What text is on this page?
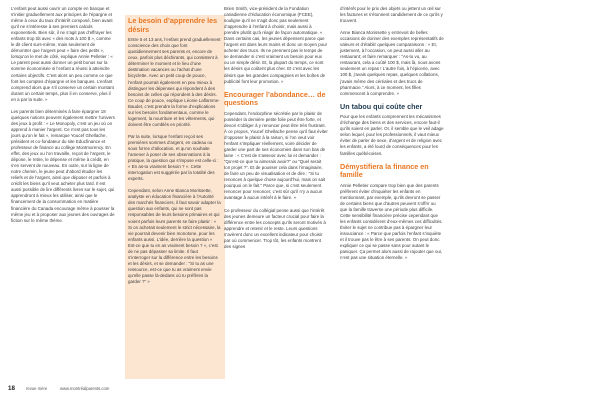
L’enfant peut aussi ouvrir un compte en banque et s’initier graduellement aux principes de l’épargne et même à ceux du taux d’intérêt composé, bien avant qu’il ne s’intéresse à ses premiers calculs exponentiels. Bien sûr, il ne s’agit pas d’effrayer les enfants trop tôt avec « des mots à 100 $ », comme le dit client surs-même, mais seulement de démontrer que l’argent peut « faire des petits », lorsqu’on le met de côté, explique Annie Pelletier : « Le parent peut aussi donner un petit bonus sur la somme économisée si l’enfant a réussi à atteindre certains objectifs. C’est alors un peu comme ce que font les comptes d’épargne et les banques. L’enfant comprend alors que s’il conserve un certain montant durant un certain temps, plus il en conserve, plus il en a par la suite. »

Les parents bien déterminés à faire épargner 18 quelques notions peuvent également mettre l’univers des jeux à profit : « Le Monopoly, c’est un jeu où on apprend à manier l’argent. Ce n’est pas tous les jours qu’on le fait », remarque Youcef Ghellache, président et co-fondateur du site Educfinance et professeur de finance au collège Montmorency. En effet, des jeux ou l’on travaille, reçoit de l’argent, le dépose, le retire, le dépense et même à crédit, en s’en servent de nouveau. En outre, sur la ligne de notre chemin, le jeune peut d’abord étudier les reliefs et de l’argent, ainsi que déposer et parfois à crédit les biens qu’il veut acheter plus tard. Il est aussi possible de lire différents livres sur le sujet, qui apprendront à mieux les utiliser, ainsi que le financement de la consommation en matière financière du Canada encourage même à pousser la même jeu et à proposer aux jeunes des ouvrages de fiction sur le même thème.

Le besoin d’apprendre les désirs

Entre 5 et 13 ans, l’enfant prend graduellement conscience des choix que font quotidiennement ses parents et, encore de ceux, parfois plus déchirants, qui consistent à déterminer le moment et le lieu d’une destination vacances ou l’achat d’une bicyclette. Avec un petit coup de pouce, l’enfant pourrait également en peu mieux à distinguer les dépenses qui répondent à des besoins de celles qui répondent à des désirs. Ce coup de pouce, explique Léonie Laflamme-Baudet, c’est prendre la forme d’explications sur les besoins fondamentaux, comme le logement, la nourriture et les vêtements, qui doivent être comblés en priorité.

Par la suite, lorsque l’enfant reçoit ses premières sommes d’argent, en cadeau ou sous forme d’allocation, et qu’on souhaite l’amener à poser de ses observations à la pratique, la question qui s’impose est celle-ci : « En as-tu vraiment besoin ? ». Cette interrogation est suggérée par la totalité des experts.

Cependant, selon Anne Bianca Morissette, analyste en éducation financière à l’Autorité des marchés financiers, il faut savoir adapter la question aux enfants, qui ne sont pas responsables de leurs besoins primaires et qui voient parfois leurs parents se faire plaisir : « Si on achetait seulement le strict nécessaire, la vie pourrait devenir bien monotone, pour les enfants aussi. L’idée, derrière la question « Est-ce que tu en as vraiment besoin ? », c’est de ne pas dépasser sa limite. Il faut s’interroger sur la différence entre les besoins et les désirs, et se demander : “Si tu as une ressource, est-ce que tu as vraiment envie qu’elle passe là-dedans où tu préfères la garder ?” »

Brien Smith, vice-président de la Fondation canadienne d’éducation économique (FCEE), souligne qu’il ne s’agit donc pas seulement d’apprendre à l’enfant à choisir, mais aussi à prendre plutôt qu’à réagir de façon automatique. « Dans certains cas, les jeunes dépensent parce que l’argent est dans leurs mains et donc un moyen pour acheter des trucs. Ils ne prennent pas le temps de se demander si c’est vraiment un besoin pour eux ou un simple désir. Et, la plupart du temps, ce sont les désirs qui coûtent plus cher. Et c’est avec les désirs que les grandes compagnies et les boîtes de publicité font leur promotion. »

Encourager l’abondance… de questions

Cependant, l’endorphine sécrétée par le plaisir de posséder la dernière petite folie peut être forte, et devoir s’obliger à y renoncer peut être très frustrant. À ce propos, Youcef Ghellache pense qu’il faut éviter d’opposer le plaisir à la raison, si l’on veut voir l’enfant s’impliquer réellement, voire décider de garder une part de ses économies dans son bas de laine : « C’est de s’asseoir avec lui et demander : “Qu’est-ce que tu aimerais avoir?” ou “Quel serait ton projet ?”. Et de pousser cela dans l’imaginaire, de faire un peu de visualisation et de dire : “Si tu renonces à quelque chose aujourd’hui, mais on sait pourquoi on le fait.” Parce que, si c’est seulement renoncer pour renoncer, c’est sûr qu’il n’y a aucun avantage à aucun intérêt à le faire. »

Ce professeur du collégial pense aussi que l’intérêt des jeunes demeure un facteur crucial pour faire la différence entre les concepts qu’ils seront motivés à apprendre et retenir et le reste. Leurs questions s’avèrent donc un excellent indicateur pour choisir par où commencer. Trop tôt, les enfants montrent des signes

d’intérêt pour le prix des objets ou jettent un œil sur les factures et s’étonnent candidement de ce qu’ils y trouvent.

Anne Bianca Morissette y entrevoit de belles occasions de donner des exemples représentatifs de valeurs et d’établir quelques comparaisons : « Et, justement, à l’occasion, on peut aussi aller au restaurant; et faire remarquer : “As-tu vu, au restaurant, cela a coûté 100 $, mais là, nous avons seulement un repas ! L’autre fois, à l’épicerie, avec 100 $, j’avais quelques repas, quelques collations, j’avais même des céréales et des trucs de pharmacie.” Alors, à ce moment, les filles commencent à comprendre. »

Un tabou qui coûte cher

Pour que les enfants comprennent les mécanismes d’échange des biens et des services, encore faut-il qu’ils soient en parler. Or, il semble que le veil adage selon lequel, pour les professionnels, il vaut mieux éviter de parler de sexe, d’argent et de religion avec les enfants, a été lourd de conséquences pour les familles québécoises.

Démystifiera la finance en famille

Annie Pelletier compare trop bien que des parents préfèrent éviter d’inquiéter les enfants en mentionnant, par exemple, qu’ils devront se passer de certains biens que d’autres peuvent s’offrir ou que la famille traverse une période plus difficile. Cette sensibilité financière précise cependant que les enfants considèrent d’eux-mêmes ces difficultés. Éviter le sujet ne contribue pas à épargner leur insouciance : « Parce que parfois l’enfant s’inquiète et il trouve pas le être à ses parents. On peut donc expliquer ce qui se passe sans pour autant le paniquer. Ça permet alors aussi de rajouter que oui, n’est pas une situation éternelle. »

18	revue mère	www.montréalparents.com
